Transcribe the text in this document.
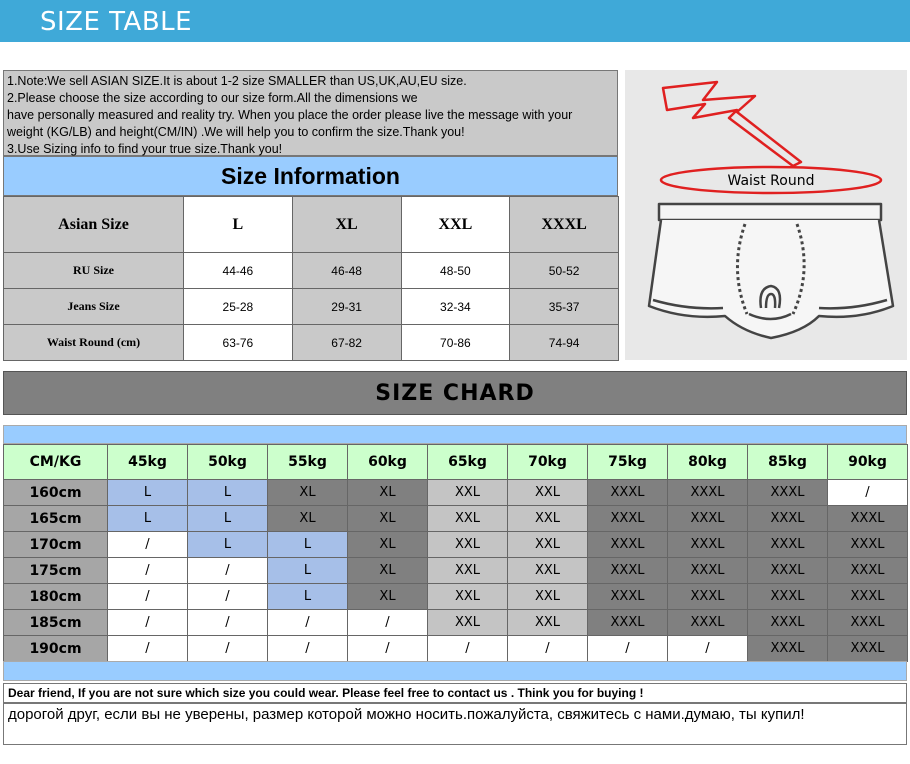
SIZE TABLE
1.Note:We sell ASIAN SIZE.It is about 1-2 size SMALLER than US,UK,AU,EU size.
2.Please choose the size according to our size form.All the dimensions we
have personally measured and reality try. When you place the order please live the message with your
weight (KG/LB) and height(CM/IN) .We will help you to confirm the size.Thank you!
3.Use Sizing info to find your true size.Thank you!
Size Information
Asian Size	L	XL	XXL	XXXL
RU Size	44-46	46-48	48-50	50-52
Jeans Size	25-28	29-31	32-34	35-37
Waist Round (cm)	63-76	67-82	70-86	74-94
Waist Round
SIZE CHARD
CM/KG	45kg	50kg	55kg	60kg	65kg	70kg	75kg	80kg	85kg	90kg
160cm	L	L	XL	XL	XXL	XXL	XXXL	XXXL	XXXL	/
165cm	L	L	XL	XL	XXL	XXL	XXXL	XXXL	XXXL	XXXL
170cm	/	L	L	XL	XXL	XXL	XXXL	XXXL	XXXL	XXXL
175cm	/	/	L	XL	XXL	XXL	XXXL	XXXL	XXXL	XXXL
180cm	/	/	L	XL	XXL	XXL	XXXL	XXXL	XXXL	XXXL
185cm	/	/	/	/	XXL	XXL	XXXL	XXXL	XXXL	XXXL
190cm	/	/	/	/	/	/	/	/	XXXL	XXXL
Dear friend, If you are not sure which size you could wear. Please feel free to contact us . Think you for buying !
дорогой друг, если вы не уверены, размер которой можно носить.пожалуйста, свяжитесь с нами.думаю, ты купил!
